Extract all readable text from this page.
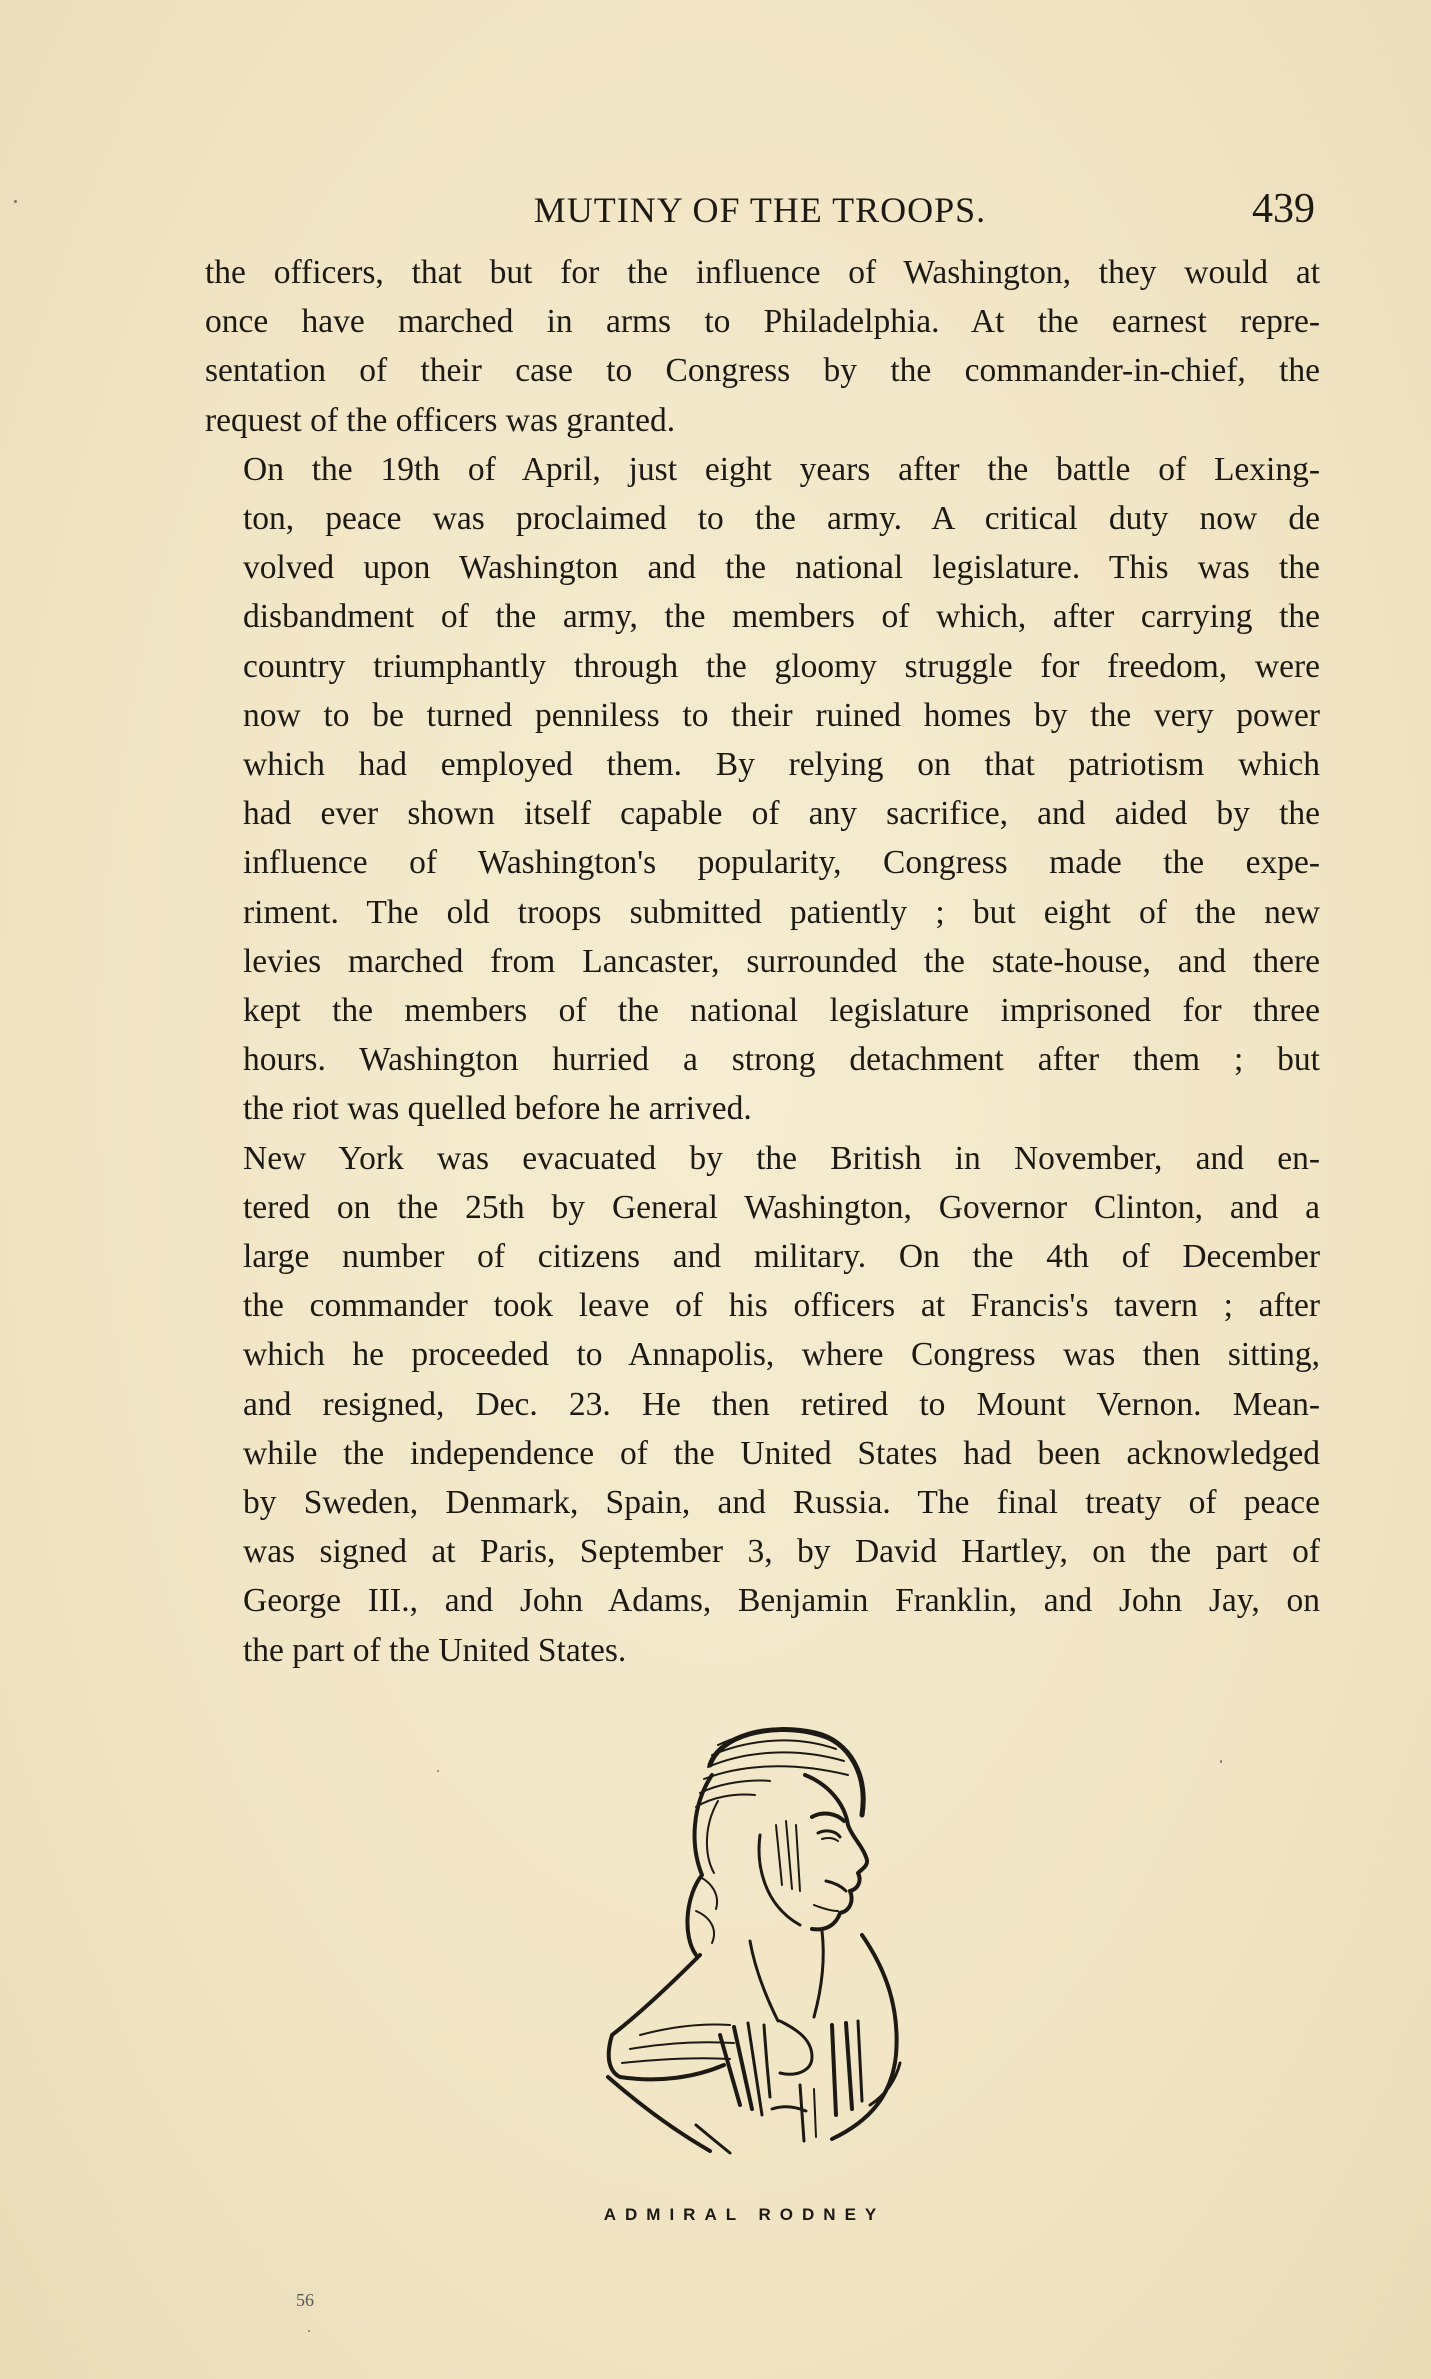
MUTINY OF THE TROOPS.	439

the officers, that but for the influence of Washington, they would at
once have marched in arms to Philadelphia. At the earnest repre-
sentation of their case to Congress by the commander-in-chief, the
request of the officers was granted.

On the 19th of April, just eight years after the battle of Lexing-
ton, peace was proclaimed to the army. A critical duty now de
volved upon Washington and the national legislature. This was the
disbandment of the army, the members of which, after carrying the
country triumphantly through the gloomy struggle for freedom, were
now to be turned penniless to their ruined homes by the very power
which had employed them. By relying on that patriotism which
had ever shown itself capable of any sacrifice, and aided by the
influence of Washington's popularity, Congress made the expe-
riment. The old troops submitted patiently ; but eight of the new
levies marched from Lancaster, surrounded the state-house, and there
kept the members of the national legislature imprisoned for three
hours. Washington hurried a strong detachment after them ; but
the riot was quelled before he arrived.

New York was evacuated by the British in November, and en-
tered on the 25th by General Washington, Governor Clinton, and a
large number of citizens and military. On the 4th of December
the commander took leave of his officers at Francis's tavern ; after
which he proceeded to Annapolis, where Congress was then sitting,
and resigned, Dec. 23. He then retired to Mount Vernon. Mean-
while the independence of the United States had been acknowledged
by Sweden, Denmark, Spain, and Russia. The final treaty of peace
was signed at Paris, September 3, by David Hartley, on the part of
George III., and John Adams, Benjamin Franklin, and John Jay, on
the part of the United States.

ADMIRAL RODNEY
56
